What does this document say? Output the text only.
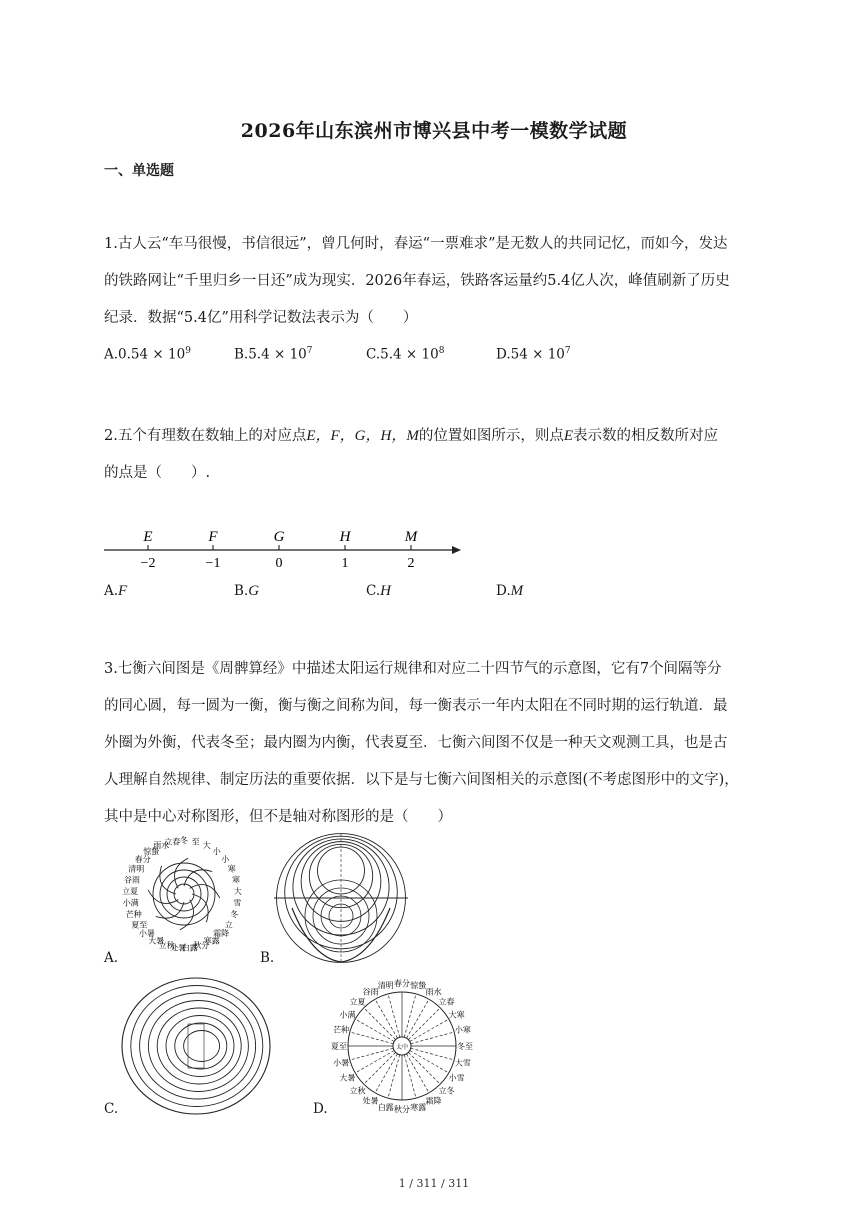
2026年山东滨州市博兴县中考一模数学试题
一、单选题
1.古人云“车马很慢，书信很远”，曾几何时，春运“一票难求”是无数人的共同记忆，而如今，发达
的铁路网让“千里归乡一日还”成为现实．2026年春运，铁路客运量约5.4亿人次，峰值刷新了历史
纪录．数据“5.4亿”用科学记数法表示为（　　）
$A.0.54 \times 10^9$	$B.5.4 \times 10^7$	$C.5.4 \times 10^8$	$D.54 \times 10^7$
2.五个有理数在数轴上的对应点E，F，G，H，M的位置如图所示，则点E表示数的相反数所对应
的点是（　　）.
E
−2
F
−1
G
0
H
1
M
2
A.F	B.G	C.H	D.M
3.七衡六间图是《周髀算经》中描述太阳运行规律和对应二十四节气的示意图，它有7个间隔等分
的同心圆，每一圆为一衡，衡与衡之间称为间，每一衡表示一年内太阳在不同时期的运行轨道．最
外圈为外衡，代表冬至；最内圈为内衡，代表夏至．七衡六间图不仅是一种天文观测工具，也是古
人理解自然规律、制定历法的重要依据．以下是与七衡六间图相关的示意图(不考虑图形中的文字)，
其中是中心对称图形，但不是轴对称图形的是（　　）
冬 至 大
小
小
寒
寒
大
雪
冬
立
霜降
寒露
秋分
白露
处暑
立秋
大暑
小暑
夏至
芒种
小满
立夏
谷雨
清明
春分
惊蛰
雨水
立春
A.	B.
C.
春分 惊蛰
雨水
立春
大寒
小寒
冬至
大雪
小雪
立冬
霜降
寒露
秋分
白露
处暑
立秋
大暑
小暑
夏至
芒种
小满
立夏
谷雨
清明
太中
D.
1 / 311 / 311
